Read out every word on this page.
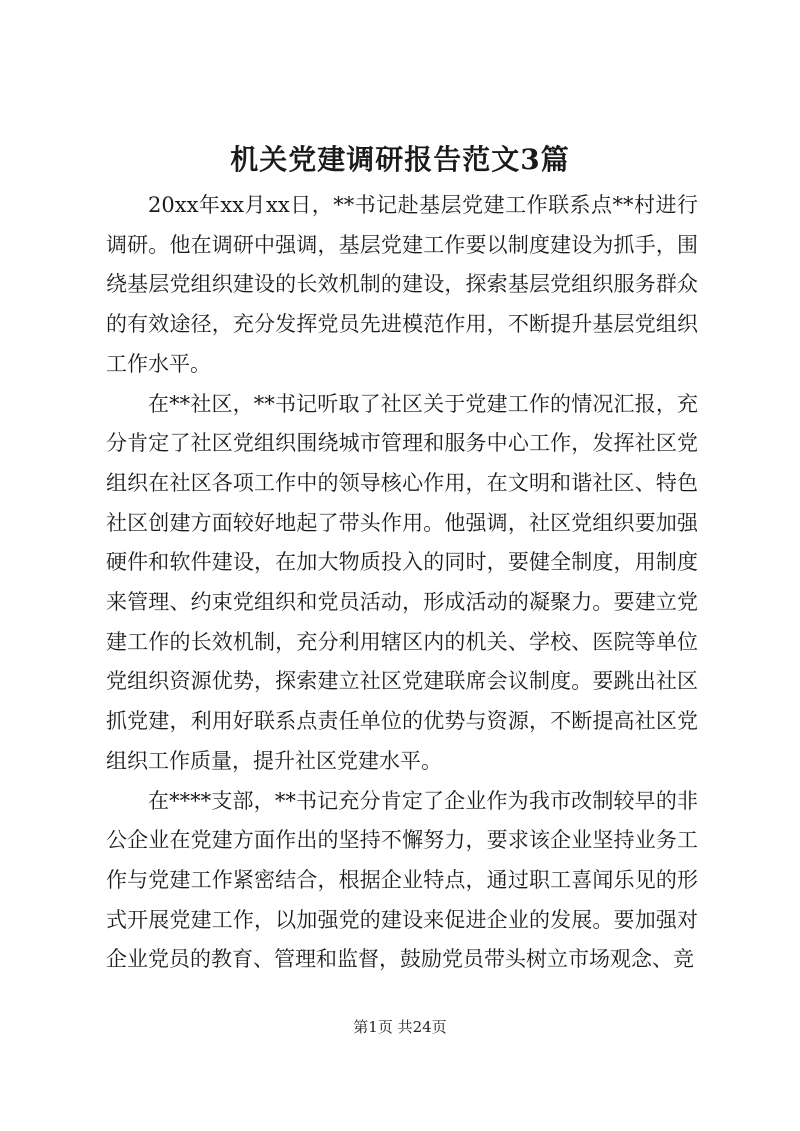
机关党建调研报告范文3篇

20xx年xx月xx日，**书记赴基层党建工作联系点**村进行调研。他在调研中强调，基层党建工作要以制度建设为抓手，围绕基层党组织建设的长效机制的建设，探索基层党组织服务群众的有效途径，充分发挥党员先进模范作用，不断提升基层党组织工作水平。

在**社区，**书记听取了社区关于党建工作的情况汇报，充分肯定了社区党组织围绕城市管理和服务中心工作，发挥社区党组织在社区各项工作中的领导核心作用，在文明和谐社区、特色社区创建方面较好地起了带头作用。他强调，社区党组织要加强硬件和软件建设，在加大物质投入的同时，要健全制度，用制度来管理、约束党组织和党员活动，形成活动的凝聚力。要建立党建工作的长效机制，充分利用辖区内的机关、学校、医院等单位党组织资源优势，探索建立社区党建联席会议制度。要跳出社区抓党建，利用好联系点责任单位的优势与资源，不断提高社区党组织工作质量，提升社区党建水平。

在****支部，**书记充分肯定了企业作为我市改制较早的非公企业在党建方面作出的坚持不懈努力，要求该企业坚持业务工作与党建工作紧密结合，根据企业特点，通过职工喜闻乐见的形式开展党建工作，以加强党的建设来促进企业的发展。要加强对企业党员的教育、管理和监督，鼓励党员带头树立市场观念、竞

第1页 共24页
